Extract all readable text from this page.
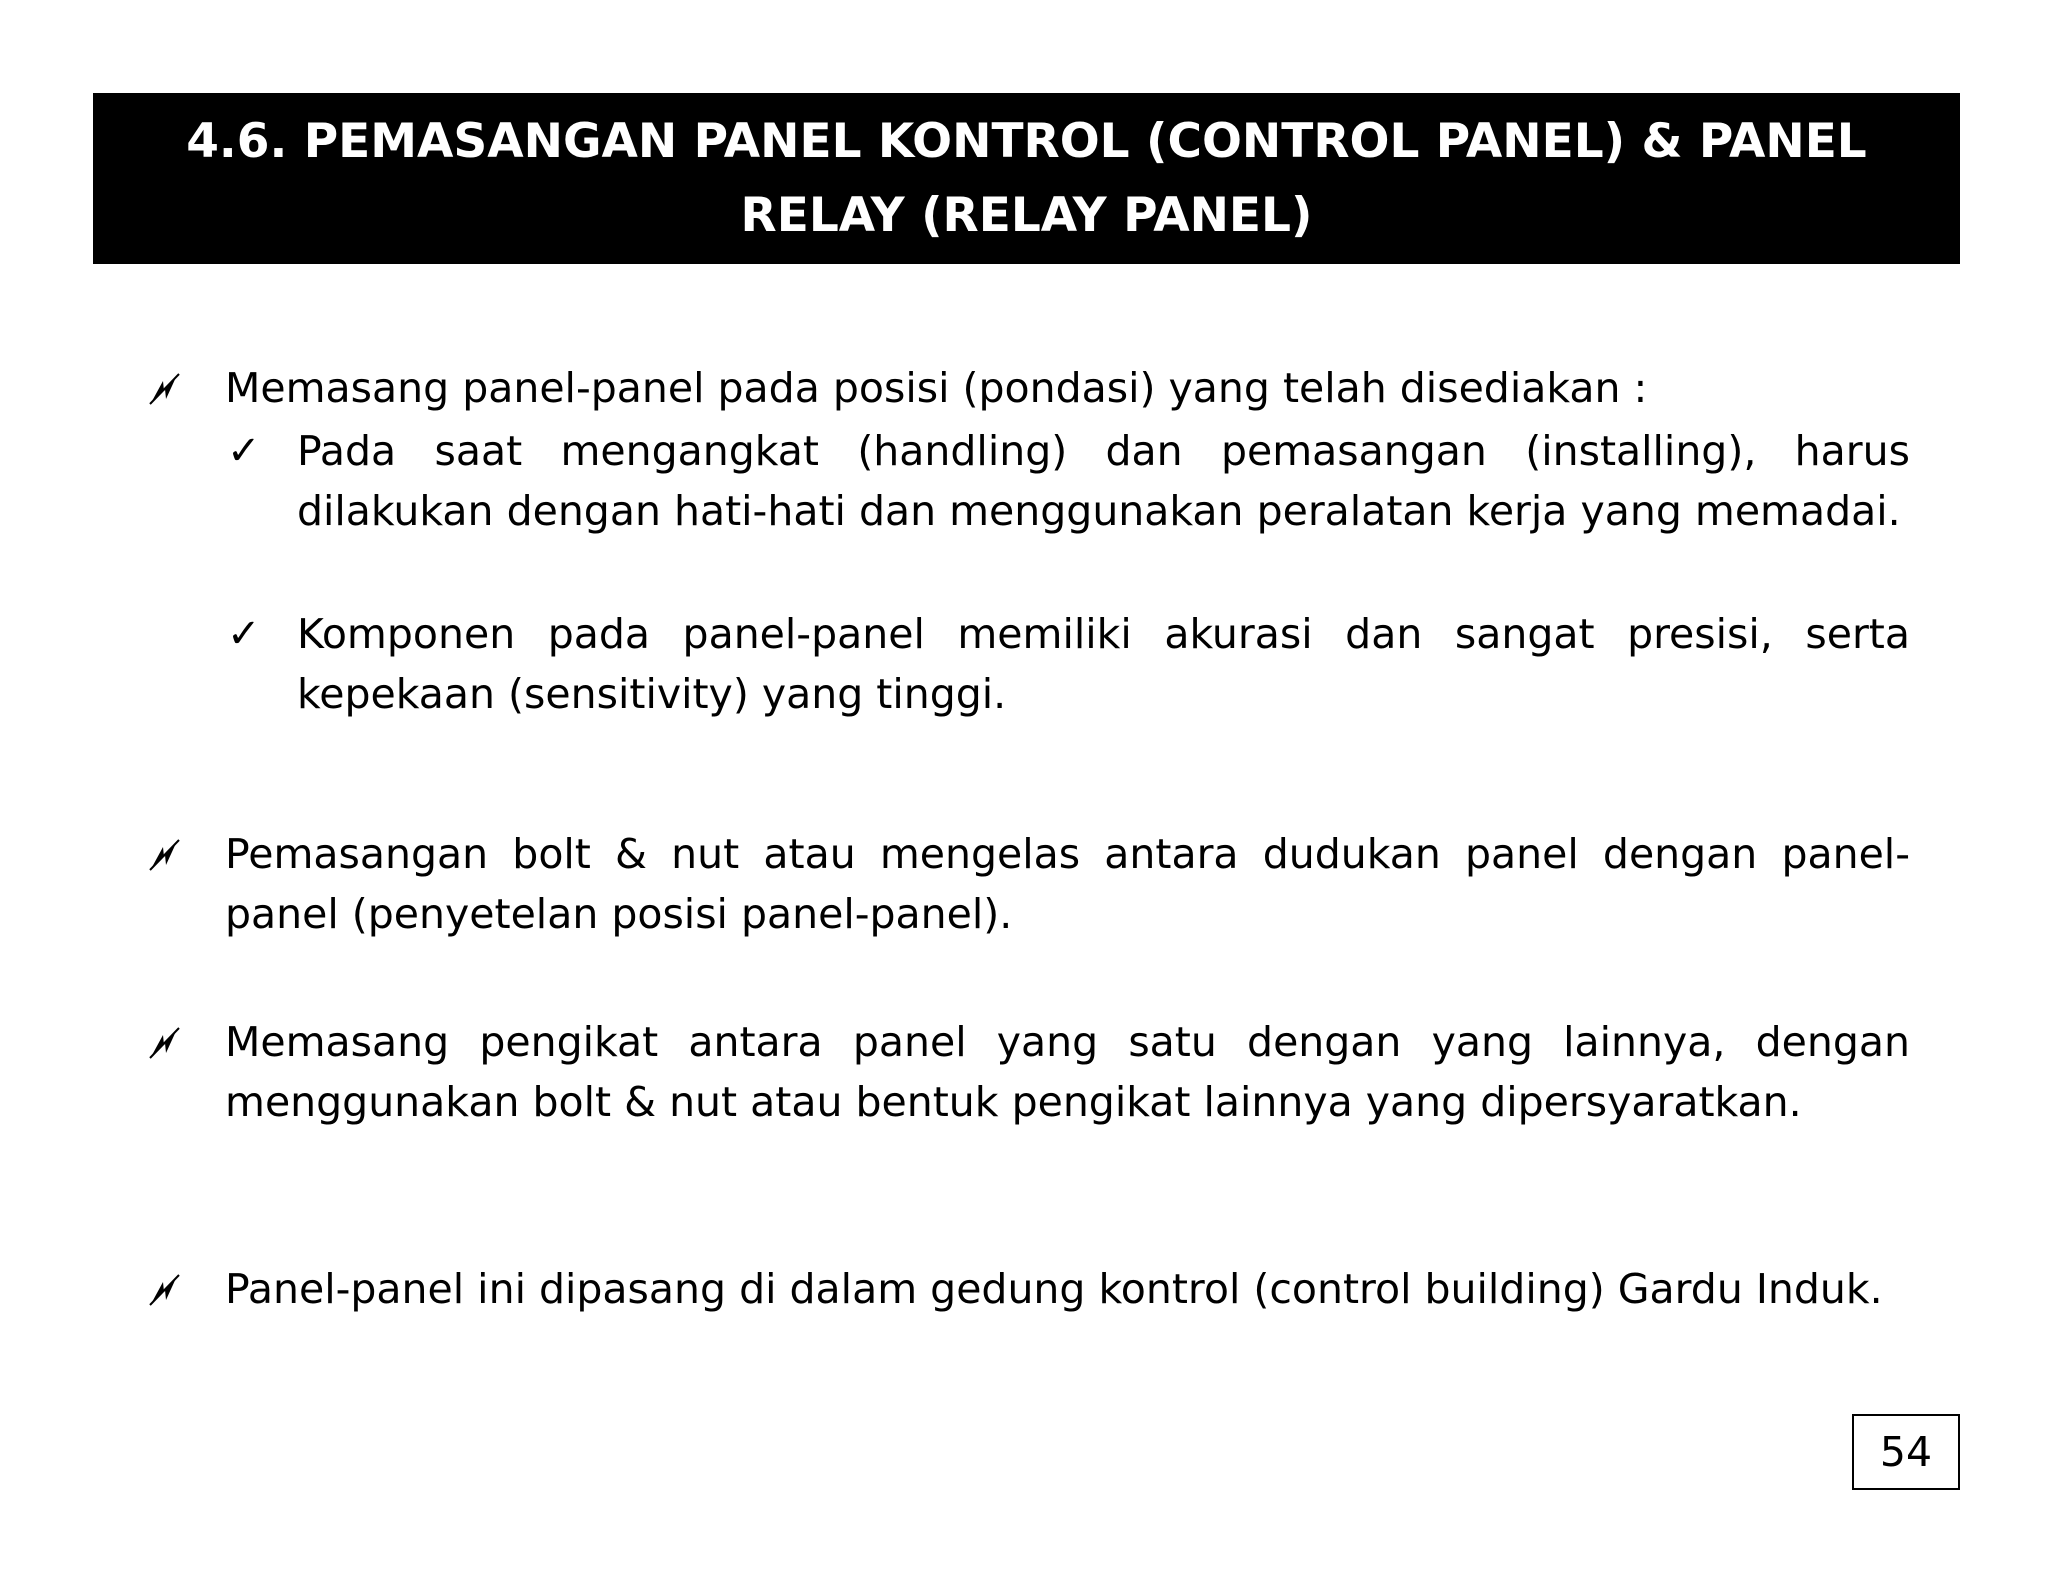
4.6. PEMASANGAN PANEL KONTROL (CONTROL PANEL) & PANEL
RELAY (RELAY PANEL)
Memasang panel-panel pada posisi (pondasi) yang telah disediakan :
✓ Pada saat mengangkat (handling) dan pemasangan (installing), harus dilakukan dengan hati-hati dan menggunakan peralatan kerja yang memadai.
✓ Komponen pada panel-panel memiliki akurasi dan sangat presisi, serta kepekaan (sensitivity) yang tinggi.
Pemasangan bolt & nut atau mengelas antara dudukan panel dengan panel-panel (penyetelan posisi panel-panel).
Memasang pengikat antara panel yang satu dengan yang lainnya, dengan menggunakan bolt & nut atau bentuk pengikat lainnya yang dipersyaratkan.
Panel-panel ini dipasang di dalam gedung kontrol (control building) Gardu Induk.
54
